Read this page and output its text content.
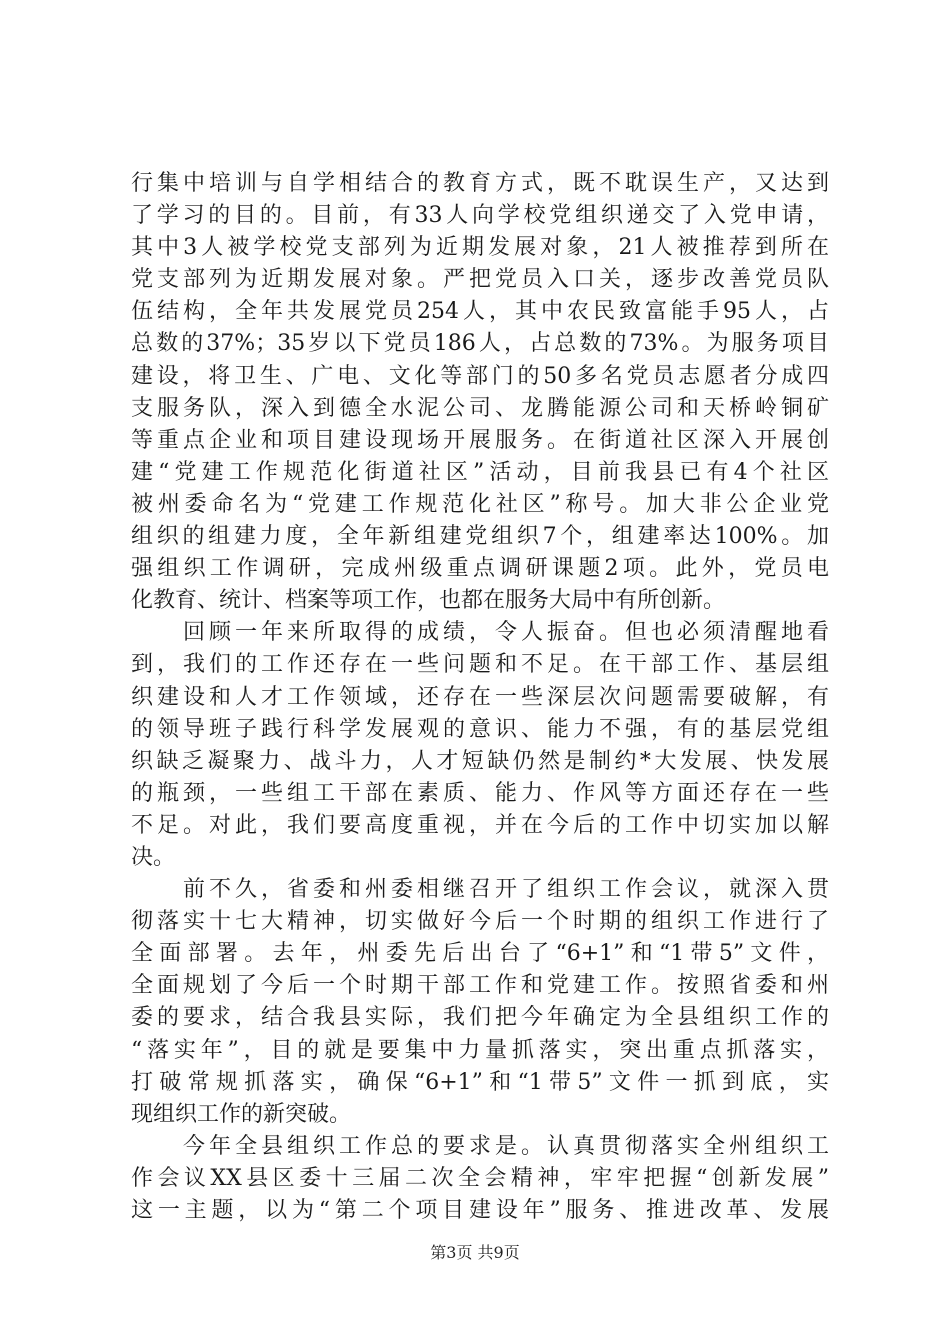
行集中培训与自学相结合的教育方式，既不耽误生产，又达到
了学习的目的。目前，有33人向学校党组织递交了入党申请，
其中3人被学校党支部列为近期发展对象，21人被推荐到所在
党支部列为近期发展对象。严把党员入口关，逐步改善党员队
伍结构，全年共发展党员254人，其中农民致富能手95人，占
总数的37%；35岁以下党员186人，占总数的73%。为服务项目
建设，将卫生、广电、文化等部门的50多名党员志愿者分成四
支服务队，深入到德全水泥公司、龙腾能源公司和天桥岭铜矿
等重点企业和项目建设现场开展服务。在街道社区深入开展创
建“党建工作规范化街道社区”活动，目前我县已有4个社区
被州委命名为“党建工作规范化社区”称号。加大非公企业党
组织的组建力度，全年新组建党组织7个，组建率达100%。加
强组织工作调研，完成州级重点调研课题2项。此外，党员电
化教育、统计、档案等项工作，也都在服务大局中有所创新。
回顾一年来所取得的成绩，令人振奋。但也必须清醒地看
到，我们的工作还存在一些问题和不足。在干部工作、基层组
织建设和人才工作领域，还存在一些深层次问题需要破解，有
的领导班子践行科学发展观的意识、能力不强，有的基层党组
织缺乏凝聚力、战斗力，人才短缺仍然是制约*大发展、快发展
的瓶颈，一些组工干部在素质、能力、作风等方面还存在一些
不足。对此，我们要高度重视，并在今后的工作中切实加以解
决。
前不久，省委和州委相继召开了组织工作会议，就深入贯
彻落实十七大精神，切实做好今后一个时期的组织工作进行了
全面部署。去年，州委先后出台了“6+1”和“1带5”文件，
全面规划了今后一个时期干部工作和党建工作。按照省委和州
委的要求，结合我县实际，我们把今年确定为全县组织工作的
“落实年”，目的就是要集中力量抓落实，突出重点抓落实，
打破常规抓落实，确保“6+1”和“1带5”文件一抓到底，实
现组织工作的新突破。
今年全县组织工作总的要求是。认真贯彻落实全州组织工
作会议XX县区委十三届二次全会精神，牢牢把握“创新发展”
这一主题，以为“第二个项目建设年”服务、推进改革、发展
第3页 共9页
